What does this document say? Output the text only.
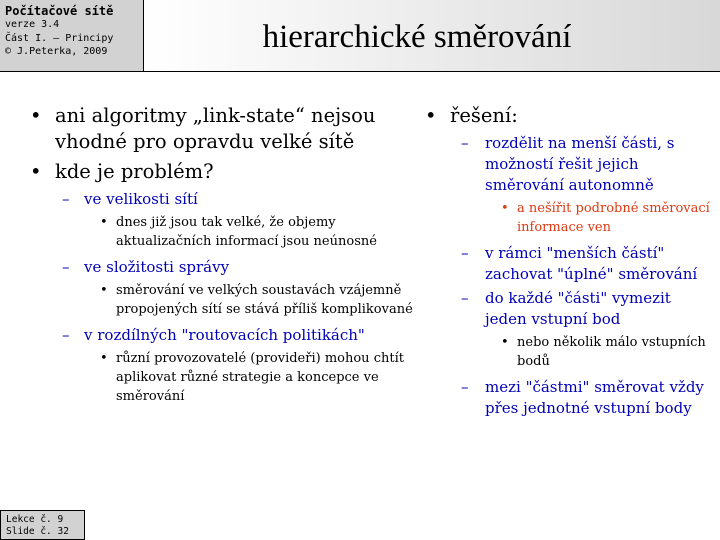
Počítačové sítě
verze 3.4
Část I. – Principy
© J.Peterka, 2009	hierarchické směrování
• ani algoritmy „link-state“ nejsou vhodné pro opravdu velké sítě
• kde je problém?
– ve velikosti sítí
• dnes již jsou tak velké, že objemy aktualizačních informací jsou neúnosné
– ve složitosti správy
• směrování ve velkých soustavách vzájemně propojených sítí se stává příliš komplikované
– v rozdílných "routovacích politikách"
• různí provozovatelé (provideři) mohou chtít aplikovat různé strategie a koncepce ve směrování
• řešení:
– rozdělit na menší části, s možností řešit jejich směrování autonomně
• a nešířit podrobné směrovací informace ven
– v rámci "menších částí" zachovat "úplné" směrování
– do každé "části" vymezit jeden vstupní bod
• nebo několik málo vstupních bodů
– mezi "částmi" směrovat vždy přes jednotné vstupní body
Lekce č. 9
Slide č. 32
